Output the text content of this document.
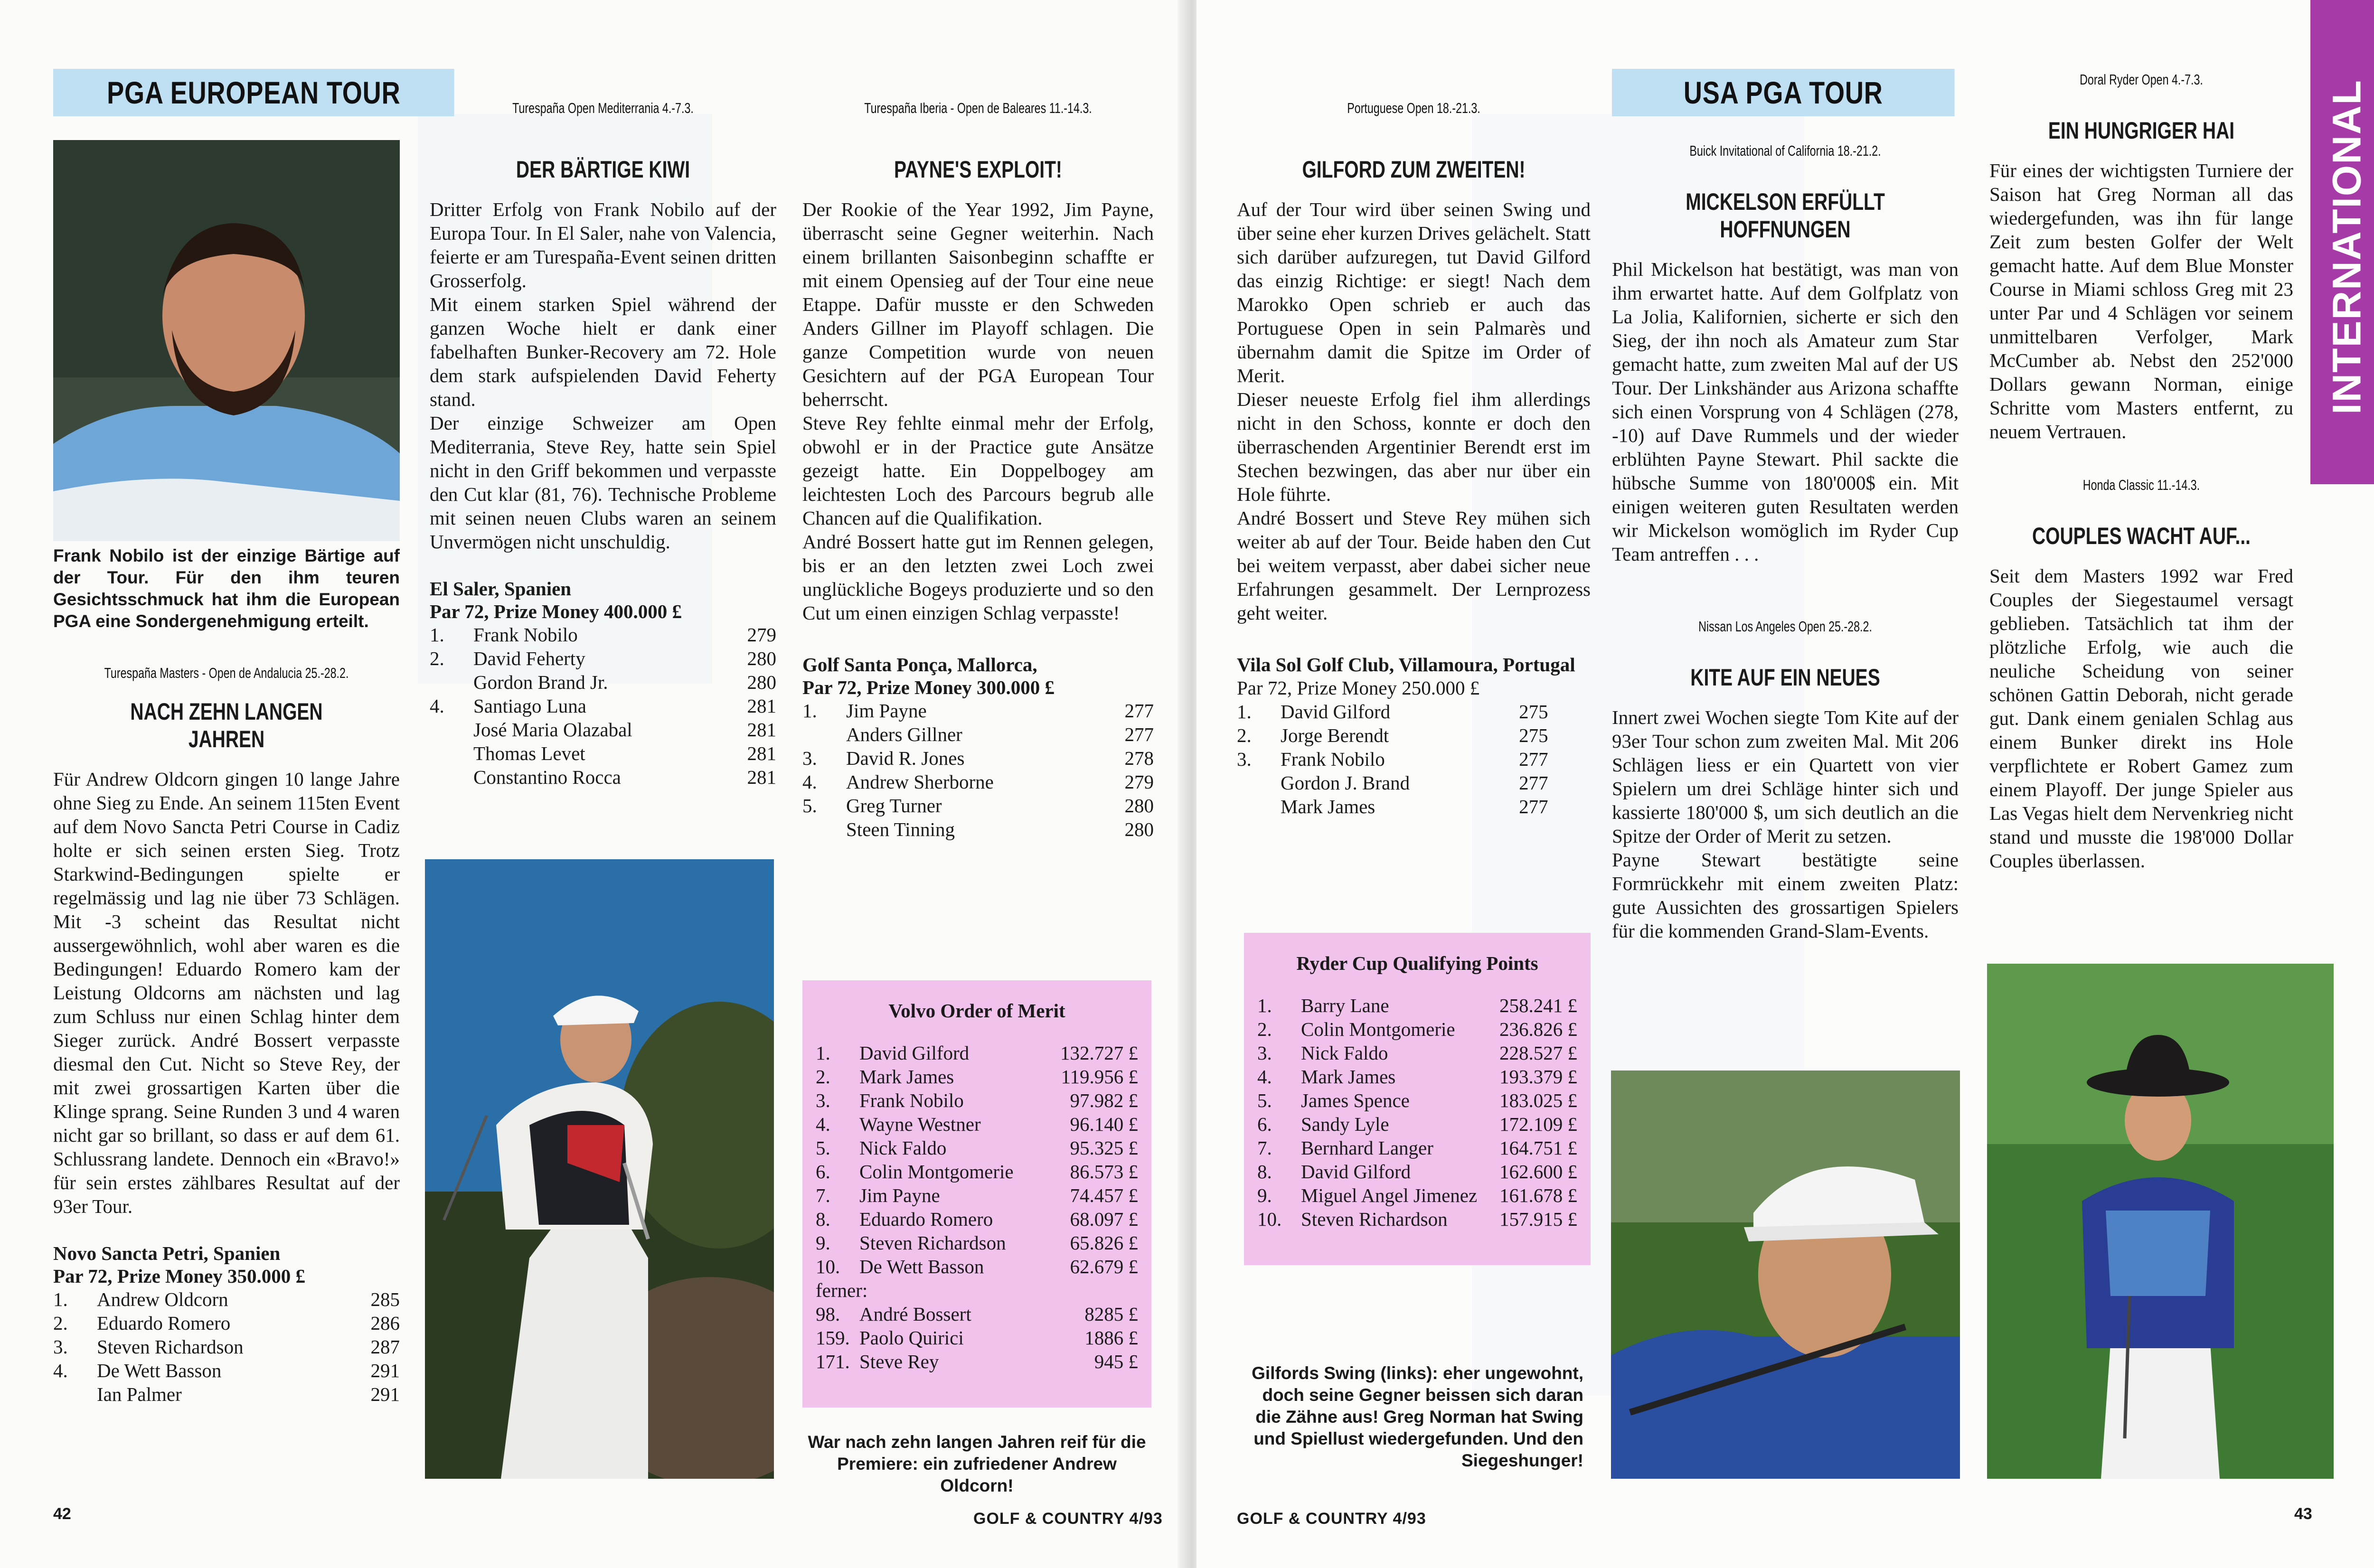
PGA EUROPEAN TOUR
Frank Nobilo ist der einzige Bärtige auf der Tour. Für den ihm teuren Gesichtsschmuck hat ihm die European PGA eine Sondergenehmigung erteilt.
Turespaña Masters - Open de Andalucia 25.-28.2.
NACH ZEHN LANGEN JAHREN

Für Andrew Oldcorn gingen 10 lange Jahre ohne Sieg zu Ende. An seinem 115ten Event auf dem Novo Sancta Petri Course in Cadiz holte er sich seinen ersten Sieg. Trotz Starkwind-Bedingungen spielte er regelmässig und lag nie über 73 Schlägen. Mit -3 scheint das Resultat nicht aussergewöhnlich, wohl aber waren es die Bedingungen! Eduardo Romero kam der Leistung Oldcorns am nächsten und lag zum Schluss nur einen Schlag hinter dem Sieger zurück. André Bossert verpasste diesmal den Cut. Nicht so Steve Rey, der mit zwei grossartigen Karten über die Klinge sprang. Seine Runden 3 und 4 waren nicht gar so brillant, so dass er auf dem 61. Schlussrang landete. Dennoch ein «Bravo!» für sein erstes zählbares Resultat auf der 93er Tour.

Novo Sancta Petri, Spanien
Par 72, Prize Money 350.000 £
1.	Andrew Oldcorn	285
2.	Eduardo Romero	286
3.	Steven Richardson	287
4.	De Wett Basson	291
	Ian Palmer	291
Turespaña Open Mediterrania 4.-7.3.
DER BÄRTIGE KIWI

Dritter Erfolg von Frank Nobilo auf der Europa Tour. In El Saler, nahe von Valencia, feierte er am Turespaña-Event seinen dritten Grosserfolg.

Mit einem starken Spiel während der ganzen Woche hielt er dank einer fabelhaften Bunker-Recovery am 72. Hole dem stark aufspielenden David Feherty stand.

Der einzige Schweizer am Open Mediterrania, Steve Rey, hatte sein Spiel nicht in den Griff bekommen und verpasste den Cut klar (81, 76). Technische Probleme mit seinen neuen Clubs waren an seinem Unvermögen nicht unschuldig.

El Saler, Spanien
Par 72, Prize Money 400.000 £
1.	Frank Nobilo	279
2.	David Feherty	280
	Gordon Brand Jr.	280
4.	Santiago Luna	281
	José Maria Olazabal	281
	Thomas Levet	281
	Constantino Rocca	281
Turespaña Iberia - Open de Baleares 11.-14.3.
PAYNE'S EXPLOIT!

Der Rookie of the Year 1992, Jim Payne, überrascht seine Gegner weiterhin. Nach einem brillanten Saisonbeginn schaffte er mit einem Opensieg auf der Tour eine neue Etappe. Dafür musste er den Schweden Anders Gillner im Playoff schlagen. Die ganze Competition wurde von neuen Gesichtern auf der PGA European Tour beherrscht.

Steve Rey fehlte einmal mehr der Erfolg, obwohl er in der Practice gute Ansätze gezeigt hatte. Ein Doppelbogey am leichtesten Loch des Parcours begrub alle Chancen auf die Qualifikation.

André Bossert hatte gut im Rennen gelegen, bis er an den letzten zwei Loch zwei unglückliche Bogeys produzierte und so den Cut um einen einzigen Schlag verpasste!

Golf Santa Ponça, Mallorca,
Par 72, Prize Money 300.000 £
1.	Jim Payne	277
	Anders Gillner	277
3.	David R. Jones	278
4.	Andrew Sherborne	279
5.	Greg Turner	280
	Steen Tinning	280
Volvo Order of Merit
1.	David Gilford	132.727 £
2.	Mark James	119.956 £
3.	Frank Nobilo	97.982 £
4.	Wayne Westner	96.140 £
5.	Nick Faldo	95.325 £
6.	Colin Montgomerie	86.573 £
7.	Jim Payne	74.457 £
8.	Eduardo Romero	68.097 £
9.	Steven Richardson	65.826 £
10.	De Wett Basson	62.679 £
ferner:		
98.	André Bossert	8285 £
159.	Paolo Quirici	1886 £
171.	Steve Rey	945 £
War nach zehn langen Jahren reif für die Premiere: ein zufriedener Andrew Oldcorn!
42	GOLF & COUNTRY 4/93
Portuguese Open 18.-21.3.
GILFORD ZUM ZWEITEN!

Auf der Tour wird über seinen Swing und über seine eher kurzen Drives gelächelt. Statt sich darüber aufzuregen, tut David Gilford das einzig Richtige: er siegt! Nach dem Marokko Open schrieb er auch das Portuguese Open in sein Palmarès und übernahm damit die Spitze im Order of Merit.

Dieser neueste Erfolg fiel ihm allerdings nicht in den Schoss, konnte er doch den überraschenden Argentinier Berendt erst im Stechen bezwingen, das aber nur über ein Hole führte.

André Bossert und Steve Rey mühen sich weiter ab auf der Tour. Beide haben den Cut bei weitem verpasst, aber dabei sicher neue Erfahrungen gesammelt. Der Lernprozess geht weiter.

Vila Sol Golf Club, Villamoura, Portugal
Par 72, Prize Money 250.000 £
1.	David Gilford	275
2.	Jorge Berendt	275
3.	Frank Nobilo	277
	Gordon J. Brand	277
	Mark James	277
Ryder Cup Qualifying Points
1.	Barry Lane	258.241 £
2.	Colin Montgomerie	236.826 £
3.	Nick Faldo	228.527 £
4.	Mark James	193.379 £
5.	James Spence	183.025 £
6.	Sandy Lyle	172.109 £
7.	Bernhard Langer	164.751 £
8.	David Gilford	162.600 £
9.	Miguel Angel Jimenez	161.678 £
10.	Steven Richardson	157.915 £
Gilfords Swing (links): eher ungewohnt, doch seine Gegner beissen sich daran die Zähne aus! Greg Norman hat Swing und Spiellust wiedergefunden. Und den Siegeshunger!
USA PGA TOUR
Buick Invitational of California 18.-21.2.
MICKELSON ERFÜLLT HOFFNUNGEN

Phil Mickelson hat bestätigt, was man von ihm erwartet hatte. Auf dem Golfplatz von La Jolia, Kalifornien, sicherte er sich den Sieg, der ihn noch als Amateur zum Star gemacht hatte, zum zweiten Mal auf der US Tour. Der Linkshänder aus Arizona schaffte sich einen Vorsprung von 4 Schlägen (278, -10) auf Dave Rummels und der wieder erblühten Payne Stewart. Phil sackte die hübsche Summe von 180'000$ ein. Mit einigen weiteren guten Resultaten werden wir Mickelson womöglich im Ryder Cup Team antreffen . . .

Nissan Los Angeles Open 25.-28.2.
KITE AUF EIN NEUES

Innert zwei Wochen siegte Tom Kite auf der 93er Tour schon zum zweiten Mal. Mit 206 Schlägen liess er ein Quartett von vier Spielern um drei Schläge hinter sich und kassierte 180'000 $, um sich deutlich an die Spitze der Order of Merit zu setzen.

Payne Stewart bestätigte seine Formrückkehr mit einem zweiten Platz: gute Aussichten des grossartigen Spielers für die kommenden Grand-Slam-Events.

Doral Ryder Open 4.-7.3.
EIN HUNGRIGER HAI

Für eines der wichtigsten Turniere der Saison hat Greg Norman all das wiedergefunden, was ihn für lange Zeit zum besten Golfer der Welt gemacht hatte. Auf dem Blue Monster Course in Miami schloss Greg mit 23 unter Par und 4 Schlägen vor seinem unmittelbaren Verfolger, Mark McCumber ab. Nebst den 252'000 Dollars gewann Norman, einige Schritte vom Masters entfernt, zu neuem Vertrauen.

Honda Classic 11.-14.3.
COUPLES WACHT AUF...

Seit dem Masters 1992 war Fred Couples der Siegestaumel versagt geblieben. Tatsächlich tat ihm der plötzliche Erfolg, wie auch die neuliche Scheidung von seiner schönen Gattin Deborah, nicht gerade gut. Dank einem genialen Schlag aus einem Bunker direkt ins Hole verpflichtete er Robert Gamez zum einem Playoff. Der junge Spieler aus Las Vegas hielt dem Nervenkrieg nicht stand und musste die 198'000 Dollar Couples überlassen.

INTERNATIONAL
GOLF & COUNTRY 4/93	43
